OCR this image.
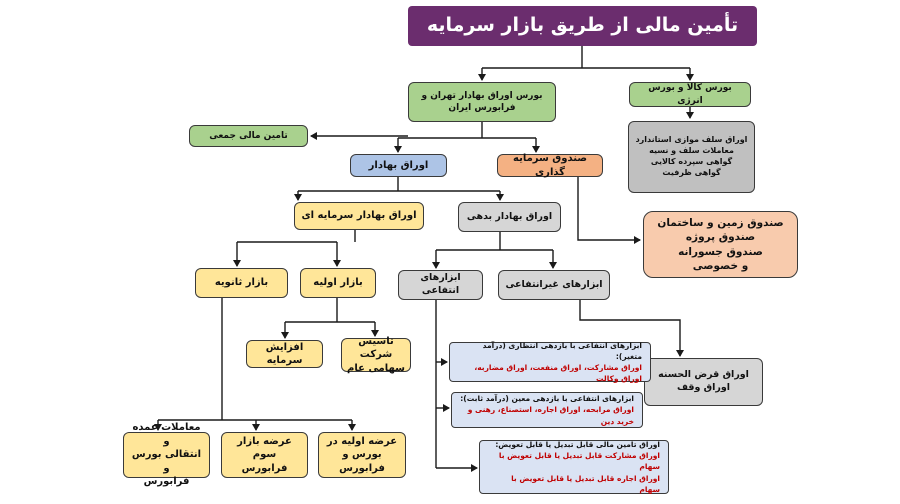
تأمین مالی از طریق بازار سرمایه
بورس کالا و بورس انرژی
بورس اوراق بهادار تهران و فرابورس ایران
اوراق سلف موازی استاندارد
معاملات سلف و نسیه
گواهی سپرده کالایی
گواهی ظرفیت
تامین مالی جمعی
اوراق بهادار
صندوق سرمایه گذاری
صندوق زمین و ساختمان
صندوق پروژه
صندوق جسورانه
و خصوصی
اوراق بهادار سرمایه ای	اوراق بهادار بدهی
بازار ثانویه	بازار اولیه	ابزارهای انتفاعی
ابزارهای غیرانتفاعی
افزایش سرمایه
تاسیس شرکت
سهامی عام
اوراق قرض الحسنه
اوراق وقف
ابزارهای انتفاعی با بازدهی انتظاری (درآمد متغیر):
اوراق مشارکت، اوراق منفعت، اوراق مضاربه، اوراق وکالت
ابزارهای انتفاعی با بازدهی معین (درآمد ثابت):
اوراق مرابحه، اوراق اجاره، استصناع، رهنی و خرید دین
اوراق تامین مالی قابل تبدیل یا قابل تعویض:
اوراق مشارکت قابل تبدیل یا قابل تعویض با سهام
اوراق اجاره قابل تبدیل یا قابل تعویض با سهام
معاملات عمده و
انتقالی بورس و
فرابورس
عرضه بازار سوم
فرابورس
عرضه اولیه در
بورس و فرابورس
